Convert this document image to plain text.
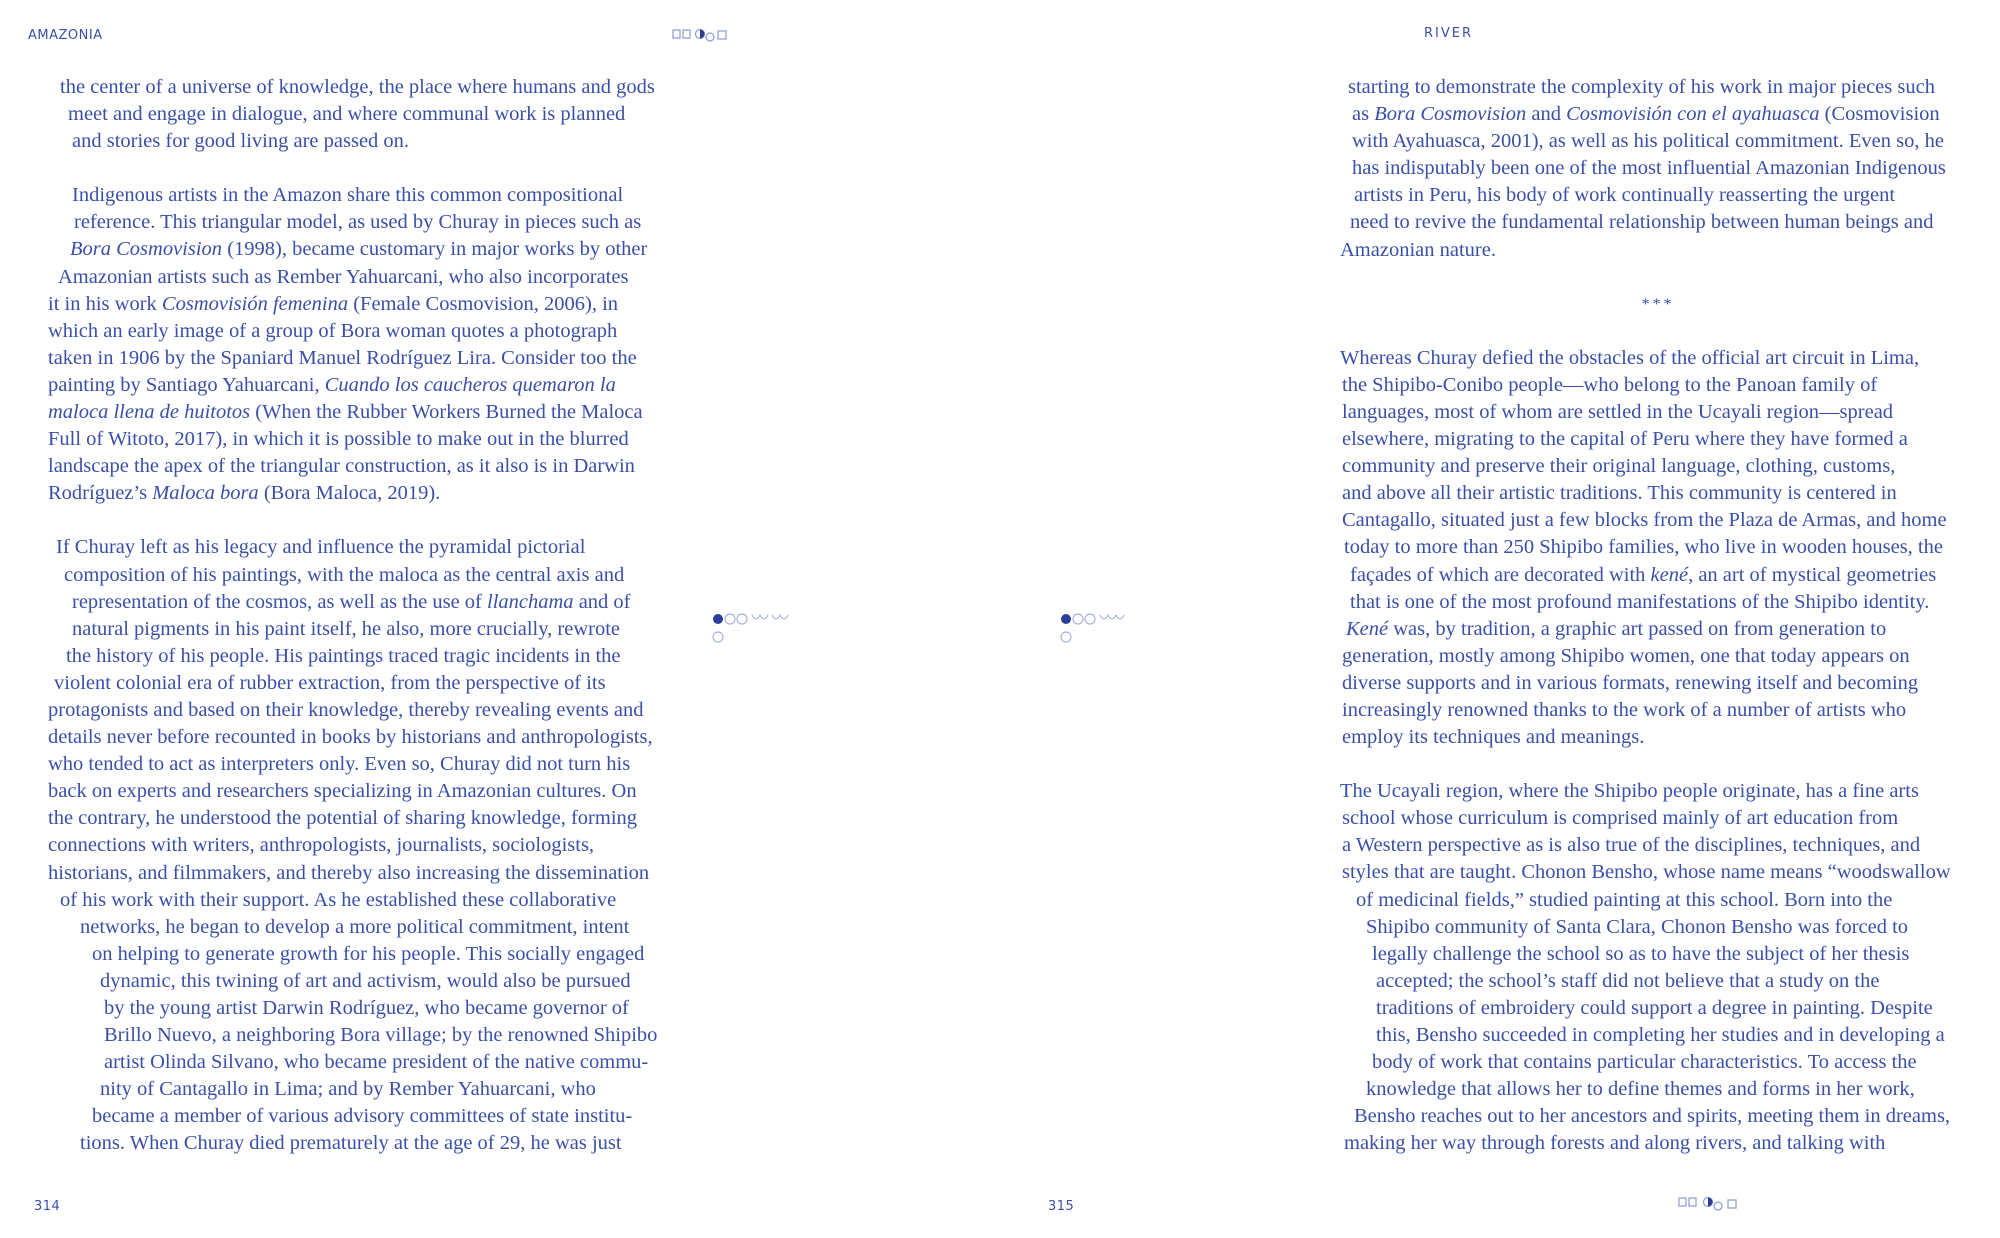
AMAZONIA	RIVER

the center of a universe of knowledge, the place where humans and gods
meet and engage in dialogue, and where communal work is planned
and stories for good living are passed on.

Indigenous artists in the Amazon share this common compositional
reference. This triangular model, as used by Churay in pieces such as
Bora Cosmovision (1998), became customary in major works by other
Amazonian artists such as Rember Yahuarcani, who also incorporates
it in his work Cosmovisión femenina (Female Cosmovision, 2006), in
which an early image of a group of Bora woman quotes a photograph
taken in 1906 by the Spaniard Manuel Rodríguez Lira. Consider too the
painting by Santiago Yahuarcani, Cuando los caucheros quemaron la
maloca llena de huitotos (When the Rubber Workers Burned the Maloca
Full of Witoto, 2017), in which it is possible to make out in the blurred
landscape the apex of the triangular construction, as it also is in Darwin
Rodríguez’s Maloca bora (Bora Maloca, 2019).

If Churay left as his legacy and influence the pyramidal pictorial
composition of his paintings, with the maloca as the central axis and
representation of the cosmos, as well as the use of llanchama and of
natural pigments in his paint itself, he also, more crucially, rewrote
the history of his people. His paintings traced tragic incidents in the
violent colonial era of rubber extraction, from the perspective of its
protagonists and based on their knowledge, thereby revealing events and
details never before recounted in books by historians and anthropologists,
who tended to act as interpreters only. Even so, Churay did not turn his
back on experts and researchers specializing in Amazonian cultures. On
the contrary, he understood the potential of sharing knowledge, forming
connections with writers, anthropologists, journalists, sociologists,
historians, and filmmakers, and thereby also increasing the dissemination
of his work with their support. As he established these collaborative
networks, he began to develop a more political commitment, intent
on helping to generate growth for his people. This socially engaged
dynamic, this twining of art and activism, would also be pursued
by the young artist Darwin Rodríguez, who became governor of
Brillo Nuevo, a neighboring Bora village; by the renowned Shipibo
artist Olinda Silvano, who became president of the native commu-
nity of Cantagallo in Lima; and by Rember Yahuarcani, who
became a member of various advisory committees of state institu-
tions. When Churay died prematurely at the age of 29, he was just

starting to demonstrate the complexity of his work in major pieces such
as Bora Cosmovision and Cosmovisión con el ayahuasca (Cosmovision
with Ayahuasca, 2001), as well as his political commitment. Even so, he
has indisputably been one of the most influential Amazonian Indigenous
artists in Peru, his body of work continually reasserting the urgent
need to revive the fundamental relationship between human beings and
Amazonian nature.

***

Whereas Churay defied the obstacles of the official art circuit in Lima,
the Shipibo-Conibo people—who belong to the Panoan family of
languages, most of whom are settled in the Ucayali region—spread
elsewhere, migrating to the capital of Peru where they have formed a
community and preserve their original language, clothing, customs,
and above all their artistic traditions. This community is centered in
Cantagallo, situated just a few blocks from the Plaza de Armas, and home
today to more than 250 Shipibo families, who live in wooden houses, the
façades of which are decorated with kené, an art of mystical geometries
that is one of the most profound manifestations of the Shipibo identity.
Kené was, by tradition, a graphic art passed on from generation to
generation, mostly among Shipibo women, one that today appears on
diverse supports and in various formats, renewing itself and becoming
increasingly renowned thanks to the work of a number of artists who
employ its techniques and meanings.

The Ucayali region, where the Shipibo people originate, has a fine arts
school whose curriculum is comprised mainly of art education from
a Western perspective as is also true of the disciplines, techniques, and
styles that are taught. Chonon Bensho, whose name means “woodswallow
of medicinal fields,” studied painting at this school. Born into the
Shipibo community of Santa Clara, Chonon Bensho was forced to
legally challenge the school so as to have the subject of her thesis
accepted; the school’s staff did not believe that a study on the
traditions of embroidery could support a degree in painting. Despite
this, Bensho succeeded in completing her studies and in developing a
body of work that contains particular characteristics. To access the
knowledge that allows her to define themes and forms in her work,
Bensho reaches out to her ancestors and spirits, meeting them in dreams,
making her way through forests and along rivers, and talking with

314	315
